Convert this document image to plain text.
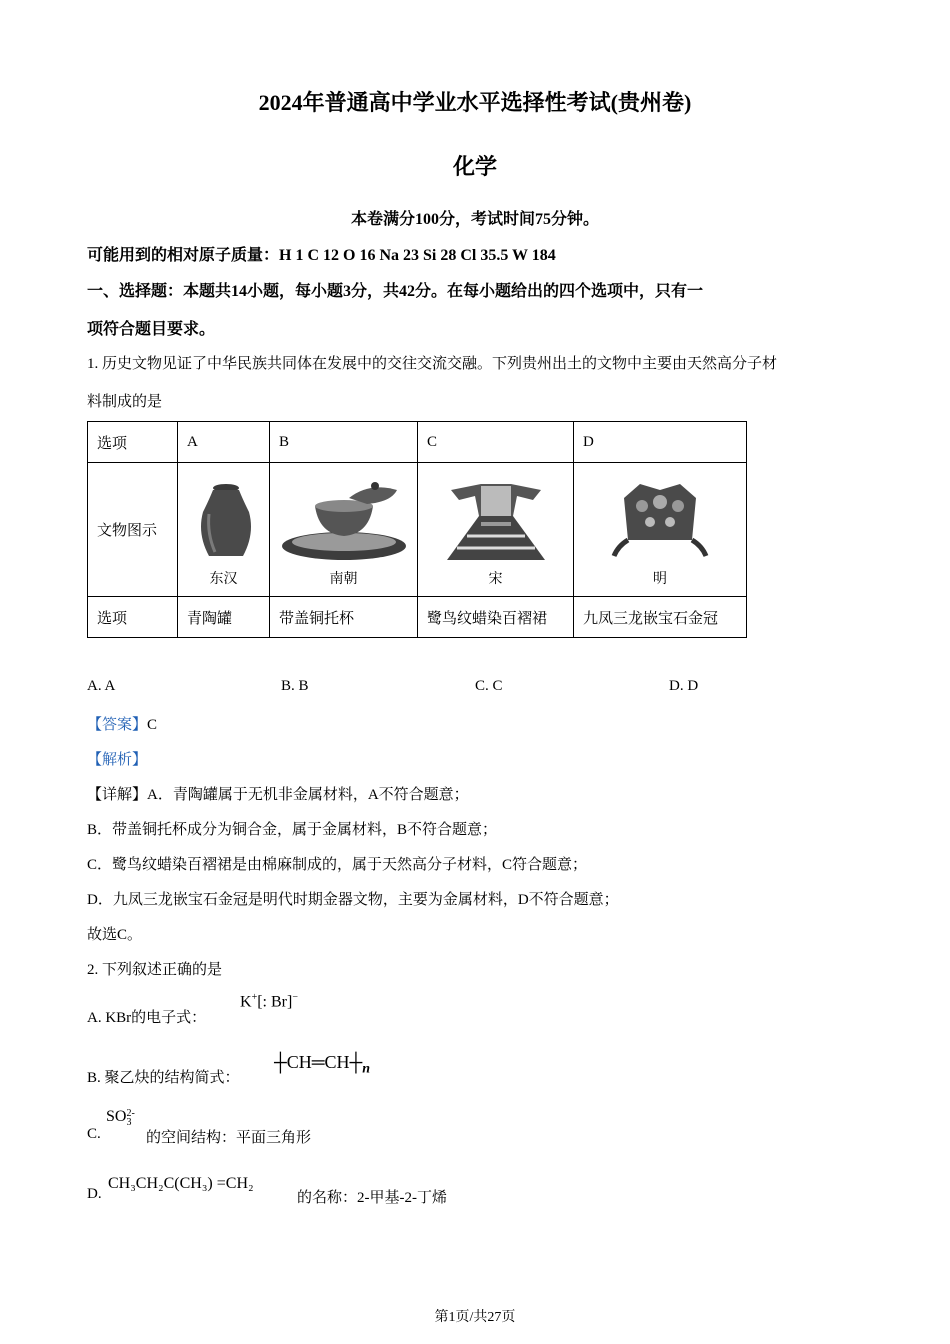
2024年普通高中学业水平选择性考试(贵州卷)
化学
本卷满分100分，考试时间75分钟。
可能用到的相对原子质量：H 1 C 12 O 16 Na 23 Si 28 Cl 35.5 W 184
一、选择题：本题共14小题，每小题3分，共42分。在每小题给出的四个选项中，只有一
项符合题目要求。
1. 历史文物见证了中华民族共同体在发展中的交往交流交融。下列贵州出土的文物中主要由天然高分子材
料制成的是
选项	A	B	C	D
文物图示	东汉	南朝	宋	明

选项	青陶罐	带盖铜托杯	鹭鸟纹蜡染百褶裙	九凤三龙嵌宝石金冠
A. A	B. B	C. C	D. D
【答案】C
【解析】
【详解】A．青陶罐属于无机非金属材料，A不符合题意；
B．带盖铜托杯成分为铜合金，属于金属材料，B不符合题意；
C．鹭鸟纹蜡染百褶裙是由棉麻制成的，属于天然高分子材料，C符合题意；
D．九凤三龙嵌宝石金冠是明代时期金器文物，主要为金属材料，D不符合题意；
故选C。
2. 下列叙述正确的是
A. KBr的电子式：
K+[: Br]−
B. 聚乙炔的结构简式：
$┼CH═CH┼_n$
C.
SO 2-
3
的空间结构：平面三角形
D.
CH₃CH₂C(CH₃) =CH₂
的名称：2-甲基-2-丁烯
第1页/共27页
